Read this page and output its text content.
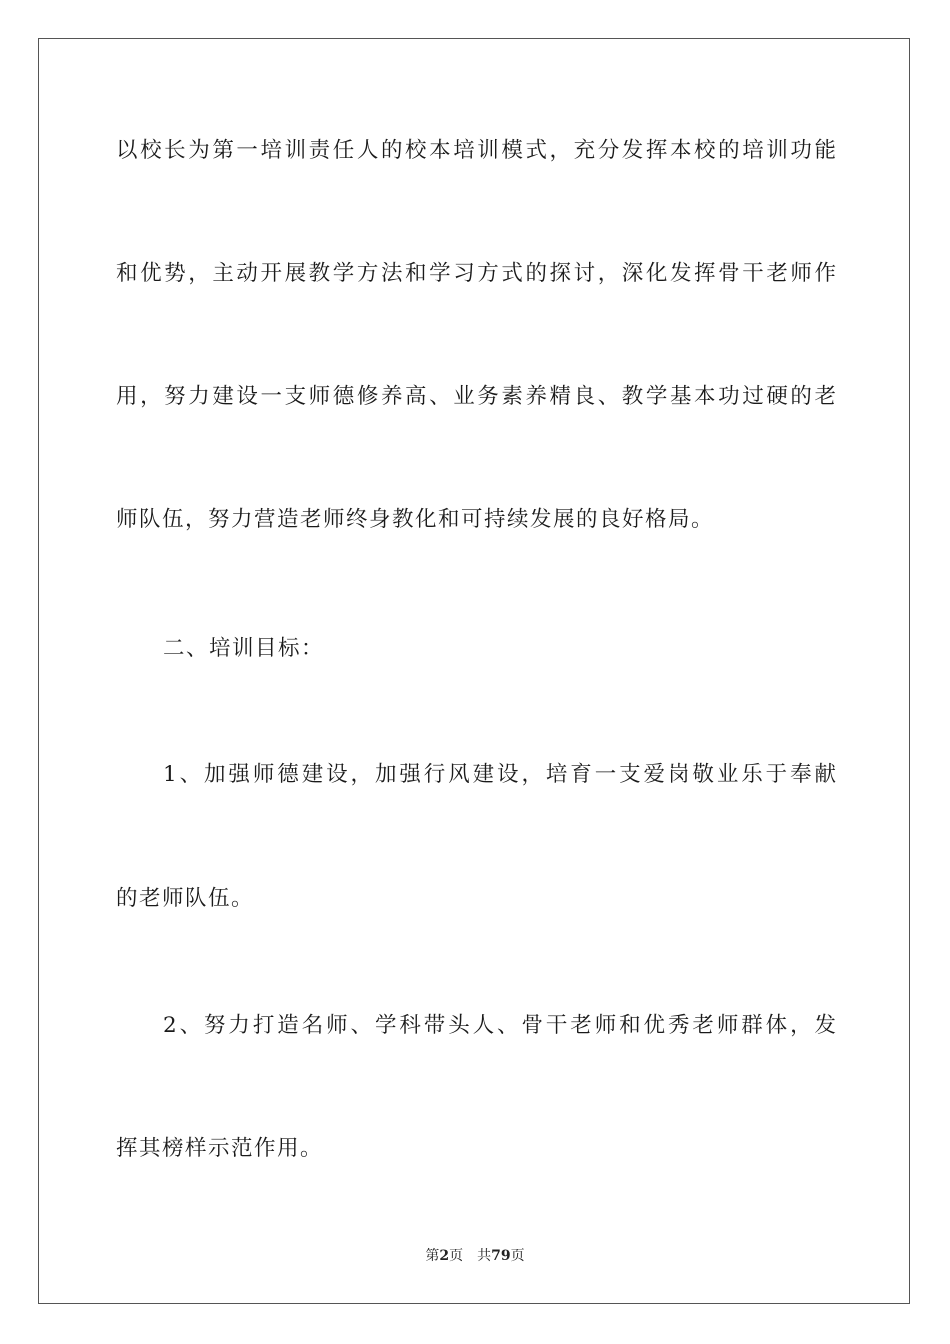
以校长为第一培训责任人的校本培训模式，充分发挥本校的培训功能
和优势，主动开展教学方法和学习方式的探讨，深化发挥骨干老师作
用，努力建设一支师德修养高、业务素养精良、教学基本功过硬的老
师队伍，努力营造老师终身教化和可持续发展的良好格局。
二、培训目标：
1、加强师德建设，加强行风建设，培育一支爱岗敬业乐于奉献
的老师队伍。
2、努力打造名师、学科带头人、骨干老师和优秀老师群体，发
挥其榜样示范作用。
第2页 共79页
